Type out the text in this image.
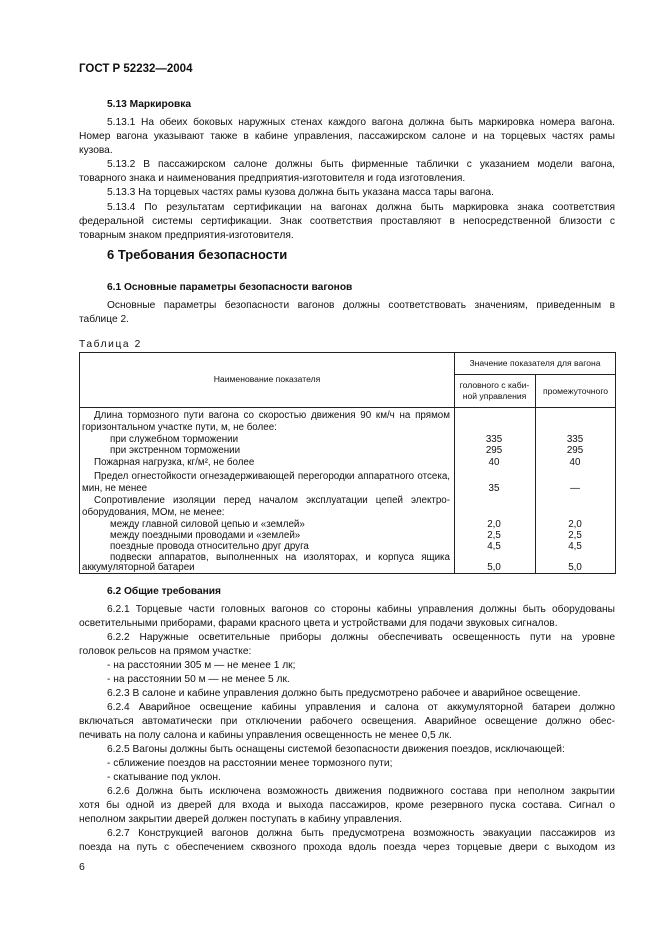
ГОСТ Р 52232—2004
5.13 Маркировка
5.13.1 На обеих боковых наружных стенах каждого вагона должна быть маркировка номера вагона.
Номер вагона указывают также в кабине управления, пассажирском салоне и на торцевых частях рамы
кузова.
5.13.2 В пассажирском салоне должны быть фирменные таблички с указанием модели вагона,
товарного знака и наименования предприятия-изготовителя и года изготовления.
5.13.3 На торцевых частях рамы кузова должна быть указана масса тары вагона.
5.13.4 По результатам сертификации на вагонах должна быть маркировка знака соответствия
федеральной системы сертификации. Знак соответствия проставляют в непосредственной близости с
товарным знаком предприятия-изготовителя.
6 Требования безопасности
6.1 Основные параметры безопасности вагонов
Основные параметры безопасности вагонов должны соответствовать значениям, приведенным в
таблице 2.
Таблица 2
Наименование показателя
Значение показателя для вагона
головного с каби-
ной управления	промежуточного
Длина тормозного пути вагона со скоростью движения 90 км/ч на прямом
горизонтальном участке пути, м, не более:
при служебном торможении	335	335
при экстренном торможении	295	295
Пожарная нагрузка, кг/м², не более	40	40
Предел огнестойкости огнезадерживающей перегородки аппаратного отсека,
мин, не менее	35	—
Сопротивление изоляции перед началом эксплуатации цепей электро-
оборудования, МОм, не менее:
между главной силовой цепью и «землей»	2,0	2,0
между поездными проводами и «землей»	2,5	2,5
поездные провода относительно друг друга	4,5	4,5
подвески аппаратов, выполненных на изоляторах, и корпуса ящика
аккумуляторной батареи	5,0	5,0
6.2 Общие требования
6.2.1 Торцевые части головных вагонов со стороны кабины управления должны быть оборудованы
осветительными приборами, фарами красного цвета и устройствами для подачи звуковых сигналов.
6.2.2 Наружные осветительные приборы должны обеспечивать освещенность пути на уровне
головок рельсов на прямом участке:
- на расстоянии 305 м — не менее 1 лк;
- на расстоянии 50 м — не менее 5 лк.
6.2.3 В салоне и кабине управления должно быть предусмотрено рабочее и аварийное освещение.
6.2.4 Аварийное освещение кабины управления и салона от аккумуляторной батареи должно
включаться автоматически при отключении рабочего освещения. Аварийное освещение должно обес-
печивать на полу салона и кабины управления освещенность не менее 0,5 лк.
6.2.5 Вагоны должны быть оснащены системой безопасности движения поездов, исключающей:
- сближение поездов на расстоянии менее тормозного пути;
- скатывание под уклон.
6.2.6 Должна быть исключена возможность движения подвижного состава при неполном закрытии
хотя бы одной из дверей для входа и выхода пассажиров, кроме резервного пуска состава. Сигнал о
неполном закрытии дверей должен поступать в кабину управления.
6.2.7 Конструкцией вагонов должна быть предусмотрена возможность эвакуации пассажиров из
поезда на путь с обеспечением сквозного прохода вдоль поезда через торцевые двери с выходом из
6
